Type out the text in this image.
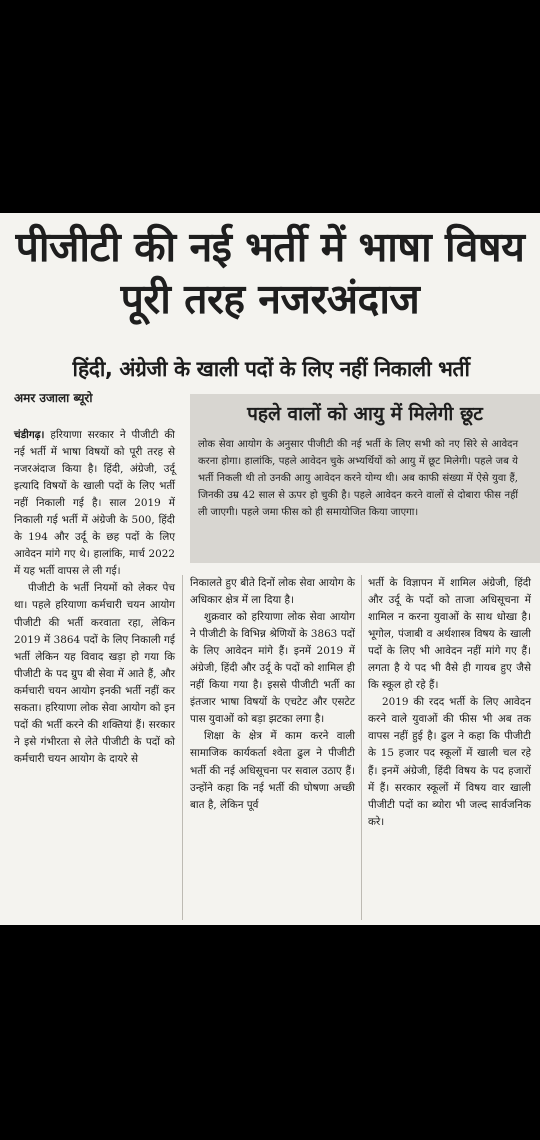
पीजीटी की नई भर्ती में भाषा विषय पूरी तरह नजरअंदाज
हिंदी, अंग्रेजी के खाली पदों के लिए नहीं निकाली भर्ती
अमर उजाला ब्यूरो
पहले वालों को आयु में मिलेगी छूट
लोक सेवा आयोग के अनुसार पीजीटी की नई भर्ती के लिए सभी को नए सिरे से आवेदन करना होगा। हालांकि, पहले आवेदन चुके अभ्यर्थियों को आयु में छूट मिलेगी। पहले जब ये भर्ती निकली थी तो उनकी आयु आवेदन करने योग्य थी। अब काफी संख्या में ऐसे युवा हैं, जिनकी उम्र 42 साल से ऊपर हो चुकी है। पहले आवेदन करने वालों से दोबारा फीस नहीं ली जाएगी। पहले जमा फीस को ही समायोजित किया जाएगा।

चंडीगढ़। हरियाणा सरकार ने पीजीटी की नई भर्ती में भाषा विषयों को पूरी तरह से नजरअंदाज किया है। हिंदी, अंग्रेजी, उर्दू इत्यादि विषयों के खाली पदों के लिए भर्ती नहीं निकाली गई है। साल 2019 में निकाली गई भर्ती में अंग्रेजी के 500, हिंदी के 194 और उर्दू के छह पदों के लिए आवेदन मांगे गए थे। हालांकि, मार्च 2022 में यह भर्ती वापस ले ली गई।

पीजीटी के भर्ती नियमों को लेकर पेच था। पहले हरियाणा कर्मचारी चयन आयोग पीजीटी की भर्ती करवाता रहा, लेकिन 2019 में 3864 पदों के लिए निकाली गई भर्ती लेकिन यह विवाद खड़ा हो गया कि पीजीटी के पद ग्रुप बी सेवा में आते हैं, और कर्मचारी चयन आयोग इनकी भर्ती नहीं कर सकता। हरियाणा लोक सेवा आयोग को इन पदों की भर्ती करने की शक्तियां हैं। सरकार ने इसे गंभीरता से लेते पीजीटी के पदों को कर्मचारी चयन आयोग के दायरे से

निकालते हुए बीते दिनों लोक सेवा आयोग के अधिकार क्षेत्र में ला दिया है।

शुक्रवार को हरियाणा लोक सेवा आयोग ने पीजीटी के विभिन्न श्रेणियों के 3863 पदों के लिए आवेदन मांगे हैं। इनमें 2019 में अंग्रेजी, हिंदी और उर्दू के पदों को शामिल ही नहीं किया गया है। इससे पीजीटी भर्ती का इंतजार भाषा विषयों के एचटेट और एसटेट पास युवाओं को बड़ा झटका लगा है।

शिक्षा के क्षेत्र में काम करने वाली सामाजिक कार्यकर्ता श्वेता ढुल ने पीजीटी भर्ती की नई अधिसूचना पर सवाल उठाए हैं। उन्होंने कहा कि नई भर्ती की घोषणा अच्छी बात है, लेकिन पूर्व

भर्ती के विज्ञापन में शामिल अंग्रेजी, हिंदी और उर्दू के पदों को ताजा अधिसूचना में शामिल न करना युवाओं के साथ धोखा है। भूगोल, पंजाबी व अर्थशास्त्र विषय के खाली पदों के लिए भी आवेदन नहीं मांगे गए हैं। लगता है ये पद भी वैसे ही गायब हुए जैसे कि स्कूल हो रहे हैं।

2019 की रदद भर्ती के लिए आवेदन करने वाले युवाओं की फीस भी अब तक वापस नहीं हुई है। ढुल ने कहा कि पीजीटी के 15 हजार पद स्कूलों में खाली चल रहे हैं। इनमें अंग्रेजी, हिंदी विषय के पद हजारों में हैं। सरकार स्कूलों में विषय वार खाली पीजीटी पदों का ब्योरा भी जल्द सार्वजनिक करे।
